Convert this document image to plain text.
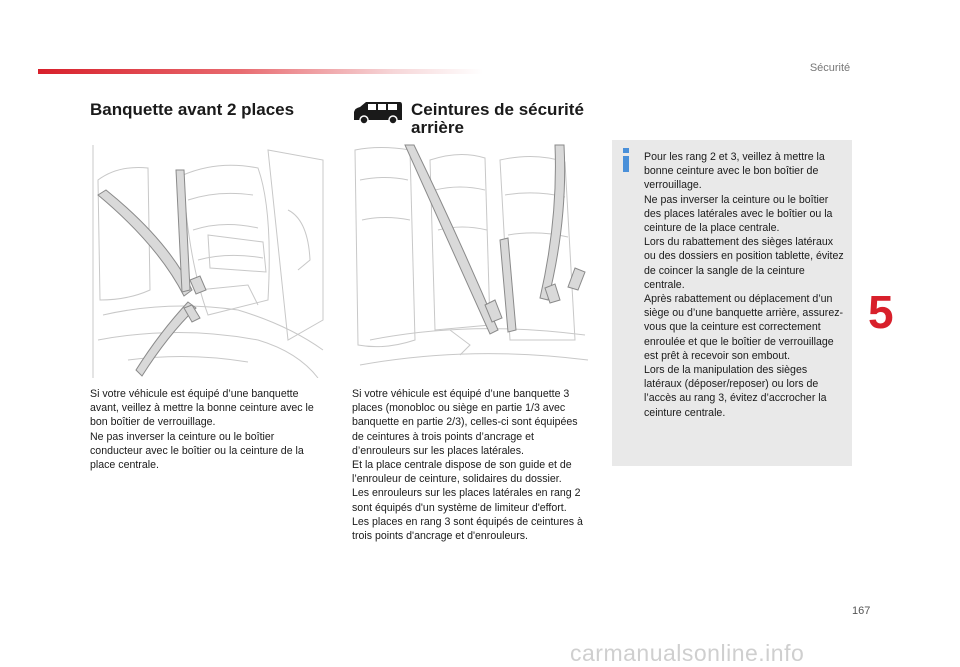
Sécurité
Banquette avant 2 places	Ceintures de sécurité arrière

Si votre véhicule est équipé d’une banquette avant, veillez à mettre la bonne ceinture avec le bon boîtier de verrouillage.

Ne pas inverser la ceinture ou le boîtier conducteur avec le boîtier ou la ceinture de la place centrale.

Si votre véhicule est équipé d’une banquette 3 places (monobloc ou siège en partie 1/3 avec banquette en partie 2/3), celles-ci sont équipées de ceintures à trois points d’ancrage et d’enrouleurs sur les places latérales.

Et la place centrale dispose de son guide et de l’enrouleur de ceinture, solidaires du dossier.

Les enrouleurs sur les places latérales en rang 2 sont équipés d'un système de limiteur d'effort.

Les places en rang 3 sont équipés de ceintures à trois points d'ancrage et d'enrouleurs.

Pour les rang 2 et 3, veillez à mettre la bonne ceinture avec le bon boîtier de verrouillage.

Ne pas inverser la ceinture ou le boîtier des places latérales avec le boîtier ou la ceinture de la place centrale.

Lors du rabattement des sièges latéraux ou des dossiers en position tablette, évitez de coincer la sangle de la ceinture centrale.

Après rabattement ou déplacement d’un siège ou d’une banquette arrière, assurez-vous que la ceinture est correctement enroulée et que le boîtier de verrouillage est prêt à recevoir son embout.

Lors de la manipulation des sièges latéraux (déposer/reposer) ou lors de l’accès au rang 3, évitez d’accrocher la ceinture centrale.

5
167
carmanualsonline.info
